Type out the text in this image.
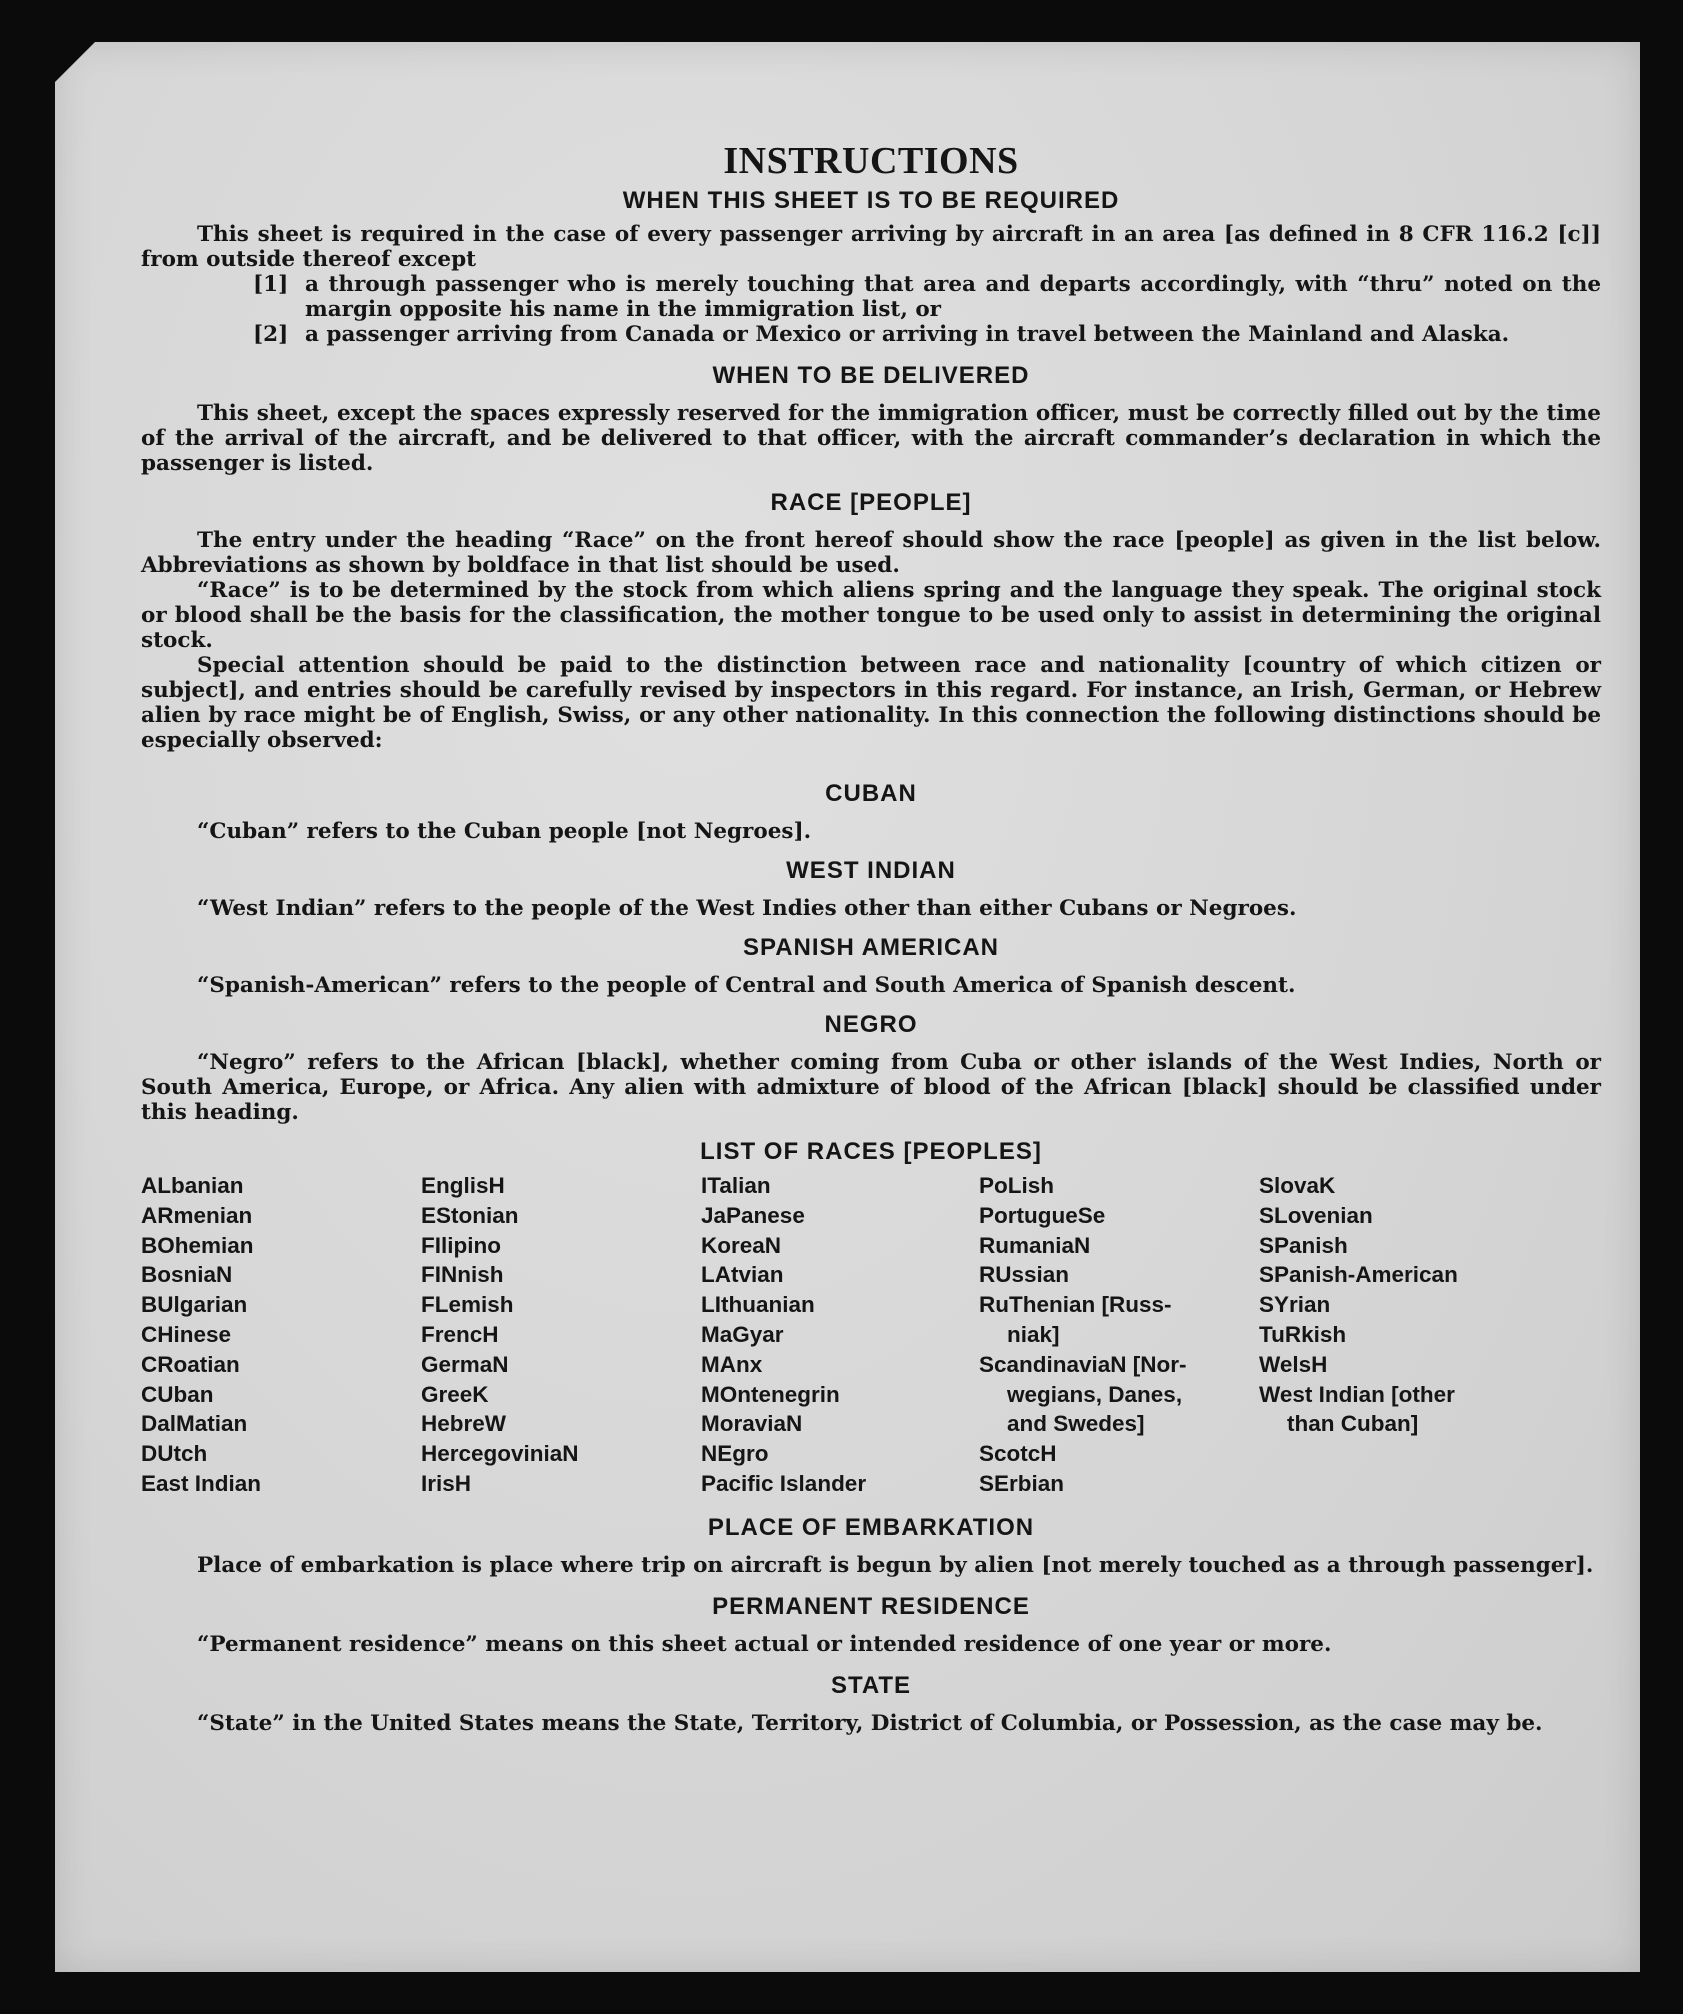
INSTRUCTIONS
WHEN THIS SHEET IS TO BE REQUIRED

This sheet is required in the case of every passenger arriving by aircraft in an area [as defined in 8 CFR 116.2 [c]] from outside thereof except

[1] a through passenger who is merely touching that area and departs accordingly, with “thru” noted on the margin opposite his name in the immigration list, or
[2] a passenger arriving from Canada or Mexico or arriving in travel between the Mainland and Alaska.
WHEN TO BE DELIVERED

This sheet, except the spaces expressly reserved for the immigration officer, must be correctly filled out by the time of the arrival of the aircraft, and be delivered to that officer, with the aircraft commander’s declaration in which the passenger is listed.

RACE [PEOPLE]

The entry under the heading “Race” on the front hereof should show the race [people] as given in the list below. Abbreviations as shown by boldface in that list should be used.

“Race” is to be determined by the stock from which aliens spring and the language they speak. The original stock or blood shall be the basis for the classification, the mother tongue to be used only to assist in determining the original stock.

Special attention should be paid to the distinction between race and nationality [country of which citizen or subject], and entries should be carefully revised by inspectors in this regard. For instance, an Irish, German, or Hebrew alien by race might be of English, Swiss, or any other nationality. In this connection the following distinctions should be especially observed:

CUBAN

“Cuban” refers to the Cuban people [not Negroes].

WEST INDIAN

“West Indian” refers to the people of the West Indies other than either Cubans or Negroes.

SPANISH AMERICAN

“Spanish-American” refers to the people of Central and South America of Spanish descent.

NEGRO

“Negro” refers to the African [black], whether coming from Cuba or other islands of the West Indies, North or South America, Europe, or Africa. Any alien with admixture of blood of the African [black] should be classified under this heading.

LIST OF RACES [PEOPLES]
ALbanian
ARmenian
BOhemian
BosniaN
BUlgarian
CHinese
CRoatian
CUban
DalMatian
DUtch
East Indian
EnglisH
EStonian
FIlipino
FINnish
FLemish
FrencH
GermaN
GreeK
HebreW
HercegoviniaN
IrisH
ITalian
JaPanese
KoreaN
LAtvian
LIthuanian
MaGyar
MAnx
MOntenegrin
MoraviaN
NEgro
Pacific Islander
PoLish
PortugueSe
RumaniaN
RUssian
RuThenian [Russ-
niak]
ScandinaviaN [Nor-
wegians, Danes,
and Swedes]
ScotcH
SErbian
SlovaK
SLovenian
SPanish
SPanish-American
SYrian
TuRkish
WelsH
West Indian [other
than Cuban]
PLACE OF EMBARKATION

Place of embarkation is place where trip on aircraft is begun by alien [not merely touched as a through passenger].

PERMANENT RESIDENCE

“Permanent residence” means on this sheet actual or intended residence of one year or more.

STATE

“State” in the United States means the State, Territory, District of Columbia, or Possession, as the case may be.
